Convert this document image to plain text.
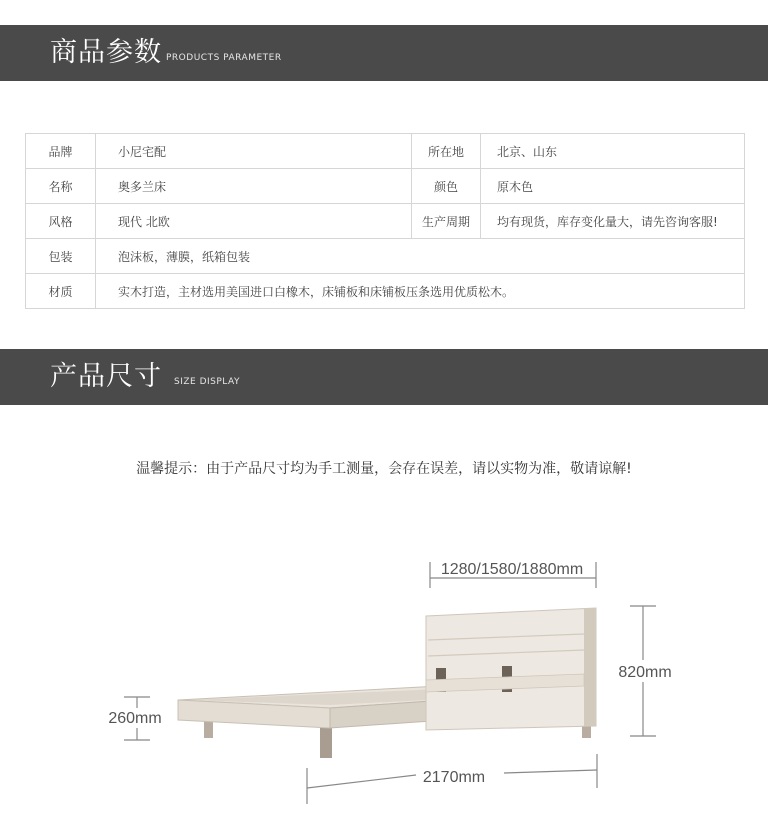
商品参数 PRODUCTS PARAMETER
品牌	小尼宅配	所在地	北京、山东
名称	奥多兰床	颜色	原木色
风格	现代 北欧	生产周期	均有现货，库存变化量大，请先咨询客服!
包装	泡沫板，薄膜，纸箱包装		
材质	实木打造，主材选用美国进口白橡木，床铺板和床铺板压条选用优质松木。		
产品尺寸 SIZE DISPLAY
温馨提示：由于产品尺寸均为手工测量，会存在误差，请以实物为准，敬请谅解!
1280/1580/1880mm
820mm
260mm
2170mm
